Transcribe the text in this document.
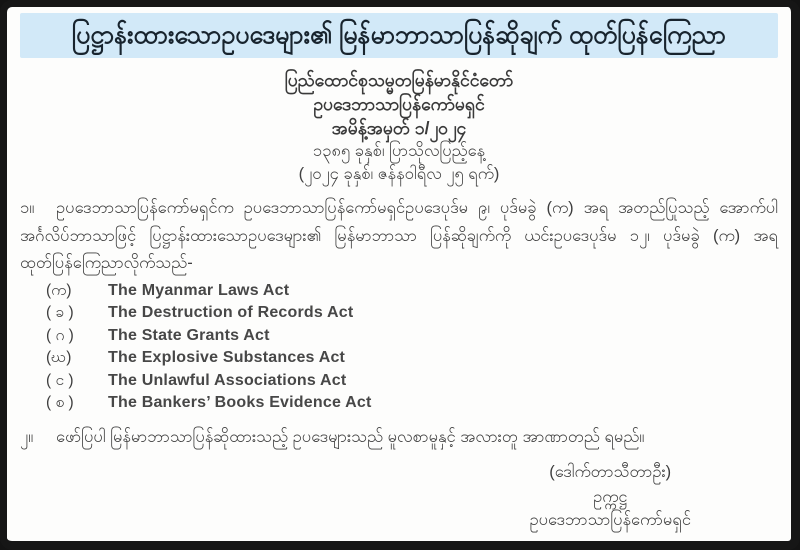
ပြဋ္ဌာန်းထားသောဥပဒေများ၏ မြန်မာဘာသာပြန်ဆိုချက် ထုတ်ပြန်ကြေညာ
ပြည်ထောင်စုသမ္မတမြန်မာနိုင်ငံတော်
ဥပဒေဘာသာပြန်ကော်မရှင်
အမိန့်အမှတ် ၁/၂၀၂၄
၁၃၈၅ ခုနှစ်၊ ပြာသိုလပြည့်နေ့
(၂၀၂၄ ခုနှစ်၊ ဇန်နဝါရီလ ၂၅ ရက်)
၁။ ဥပဒေဘာသာပြန်ကော်မရှင်က ဥပဒေဘာသာပြန်ကော်မရှင်ဥပဒေပုဒ်မ ၉၊ ပုဒ်မခွဲ (က) အရ အတည်ပြုသည့် အောက်ပါအင်္ဂလိပ်ဘာသာဖြင့် ပြဋ္ဌာန်းထားသောဥပဒေများ၏ မြန်မာဘာသာ ပြန်ဆိုချက်ကို ယင်းဥပဒေပုဒ်မ ၁၂၊ ပုဒ်မခွဲ (က) အရ ထုတ်ပြန်ကြေညာလိုက်သည်-
(က)	The Myanmar Laws Act
( ခ )	The Destruction of Records Act
( ဂ )	The State Grants Act
(ဃ)	The Explosive Substances Act
( င )	The Unlawful Associations Act
( စ )	The Bankers’ Books Evidence Act
၂။ ဖော်ပြပါ မြန်မာဘာသာပြန်ဆိုထားသည့် ဥပဒေများသည် မူလစာမူနှင့် အလားတူ အာဏာတည် ရမည်။
(ဒေါက်တာသီတာဦး)
ဥက္ကဋ္ဌ
ဥပဒေဘာသာပြန်ကော်မရှင်
